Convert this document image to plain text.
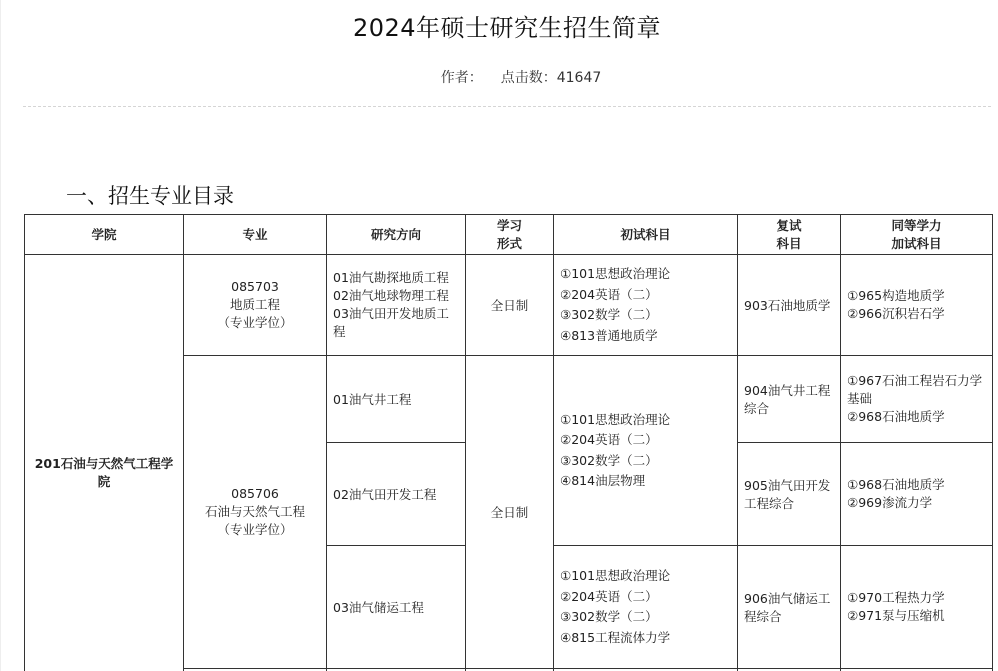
2024年硕士研究生招生简章
作者： 点击数：41647
一、招生专业目录
学院	专业	研究方向	学习
形式	初试科目	复试
科目	同等学力
加试科目

201石油与天然气工程学院	085703
地质工程
（专业学位）	01油气勘探地质工程
02油气地球物理工程
03油气田开发地质工程	全日制	①101思想政治理论
②204英语（二）
③302数学（二）
④813普通地质学	903石油地质学	①965构造地质学
②966沉积岩石学

	085706
石油与天然气工程
（专业学位）	01油气井工程	全日制	①101思想政治理论
②204英语（二）
③302数学（二）
④814油层物理	904油气井工程综合	①967石油工程岩石力学基础
②968石油地质学

		02油气田开发工程			905油气田开发工程综合	①968石油地质学
②969渗流力学

		03油气储运工程		①101思想政治理论
②204英语（二）
③302数学（二）
④815工程流体力学	906油气储运工程综合	①970工程热力学
②971泵与压缩机
